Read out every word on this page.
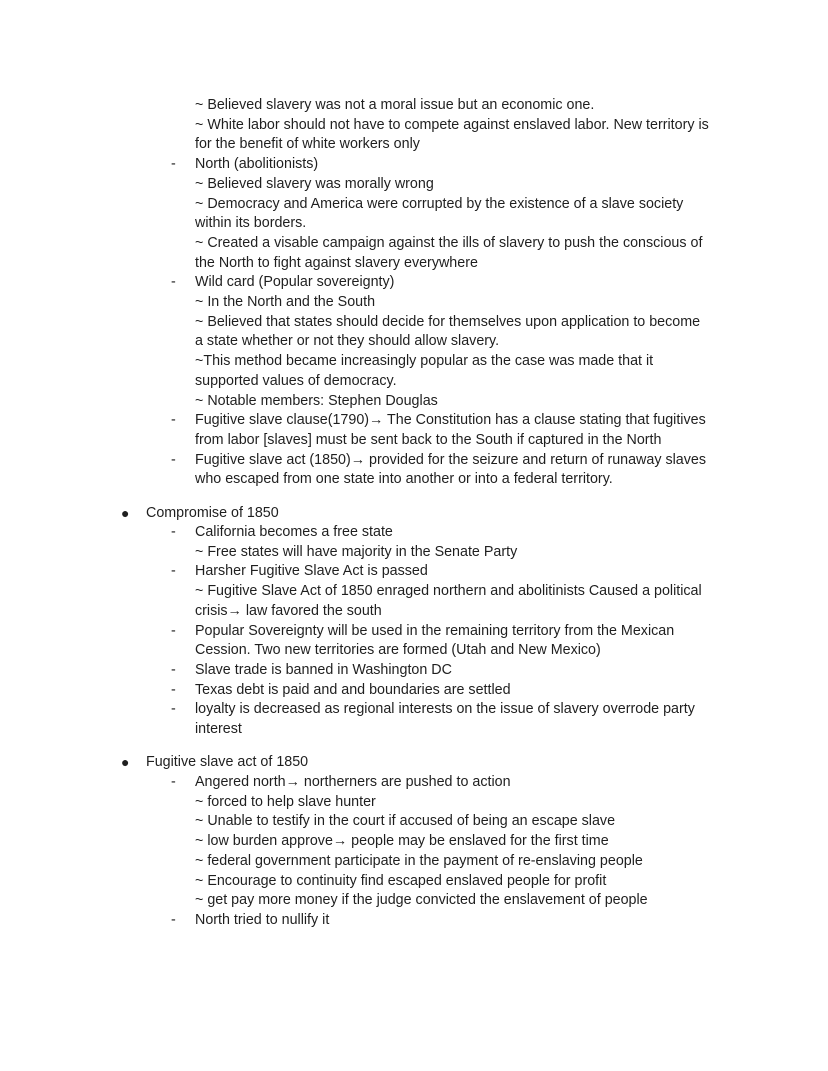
~ Believed slavery was not a moral issue but an economic one.
~ White labor should not have to compete against enslaved labor. New territory is
for the benefit of white workers only
- North (abolitionists)
~ Believed slavery was morally wrong
~ Democracy and America were corrupted by the existence of a slave society
within its borders.
~ Created a visable campaign against the ills of slavery to push the conscious of
the North to fight against slavery everywhere
- Wild card (Popular sovereignty)
~ In the North and the South
~ Believed that states should decide for themselves upon application to become
a state whether or not they should allow slavery.
~This method became increasingly popular as the case was made that it
supported values of democracy.
~ Notable members: Stephen Douglas
- Fugitive slave clause(1790)→ The Constitution has a clause stating that fugitives
from labor [slaves] must be sent back to the South if captured in the North
- Fugitive slave act (1850)→ provided for the seizure and return of runaway slaves
who escaped from one state into another or into a federal territory.
● Compromise of 1850
- California becomes a free state
~ Free states will have majority in the Senate Party
- Harsher Fugitive Slave Act is passed
~ Fugitive Slave Act of 1850 enraged northern and abolitinists Caused a political
crisis→ law favored the south
- Popular Sovereignty will be used in the remaining territory from the Mexican
Cession. Two new territories are formed (Utah and New Mexico)
- Slave trade is banned in Washington DC
- Texas debt is paid and and boundaries are settled
- loyalty is decreased as regional interests on the issue of slavery overrode party
interest
● Fugitive slave act of 1850
- Angered north→ northerners are pushed to action
~ forced to help slave hunter
~ Unable to testify in the court if accused of being an escape slave
~ low burden approve→ people may be enslaved for the first time
~ federal government participate in the payment of re-enslaving people
~ Encourage to continuity find escaped enslaved people for profit
~ get pay more money if the judge convicted the enslavement of people
- North tried to nullify it
